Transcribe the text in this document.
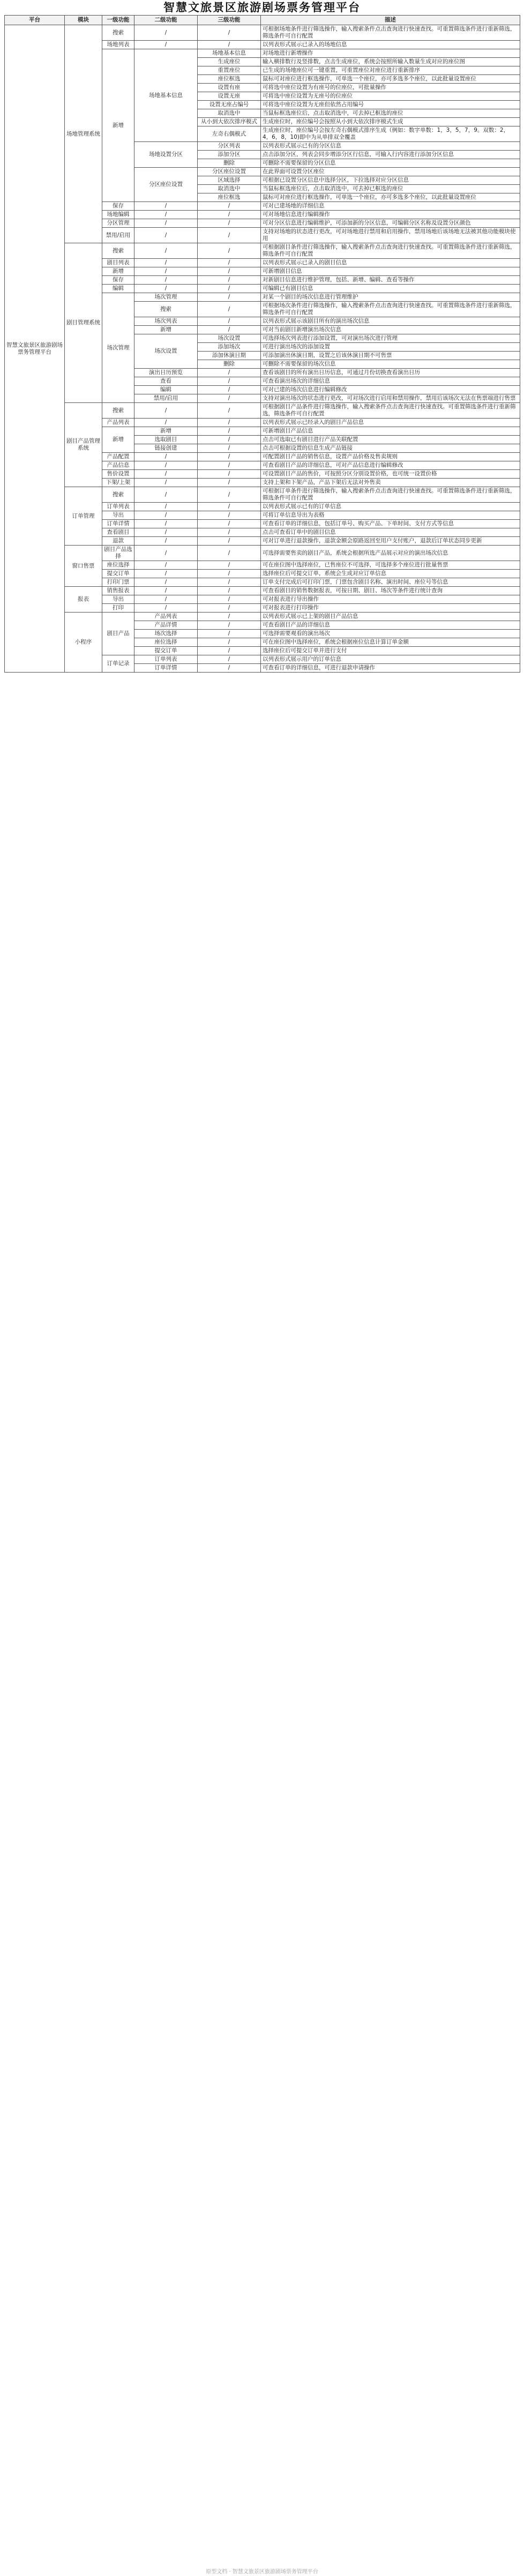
智慧文旅景区旅游剧场票务管理平台
平台	模块	一级功能	二级功能	三级功能	描述
智慧文旅景区旅游剧场票务管理平台	场地管理系统	搜索	/	/	可根据场地条件进行筛选操作，输入搜索条件点击查询进行快速查找。可重置筛选条件进行重新筛选，筛选条件可自行配置
		场地列表	/	/	以列表形式展示已录入的场地信息
		新增	场地基本信息	场地基本信息	对场地进行新增操作
				生成座位	输入横排数行及竖排数，点击生成座位，系统会按照所输入数量生成对应的座位图
				重置座位	已生成的场地座位可一键重置，可重置座位对座位进行重新排序
				座位框选	鼠标可对座位进行框选操作，可单选一个座位，亦可多选多个座位，以此批量设置座位
				设置有座	可将选中座位设置为有座号的位座位，可批量操作
				设置无座	可将选中座位设置为无座号的位座位
				设置无座占编号	可将选中座位设置为无座但依然占用编号
				取消选中	当鼠标框选座位后，点击取消选中，可去掉已框选的座位
				从小到大依次排序模式	生成座位时，座位编号会按照从小到大依次排序模式生成
				左奇右偶模式	生成座位时，座位编号会按左奇右偶模式排序生成（例如：数字单数：1，3，5，7，9。双数：2，4，6，8，10)即中为从单排双全覆盖
			场地设置分区	分区列表	以列表形式展示已有的分区信息
				添加分区	点击添加分区，列表会同步增添分区行信息，可输入行内容进行添加分区信息
				删除	可删除不需要保留的分区信息
			分区座位设置	分区座位设置	在此界面可设置分区座位
				区域选择	可根据已设置分区信息中选择分区，下拉选择对应分区信息
				取消选中	当鼠标框选座位后，点击取消选中，可去掉已框选的座位
				座位框选	鼠标可对座位进行框选操作，可单选一个座位，亦可多选多个座位，以此批量设置座位
		保存	/	/	可对已建场地的详细信息
		场地编辑	/	/	可对场地信息进行编辑操作
		分区管理	/	/	可对分区信息进行编辑维护，可添加新的分区信息，可编辑分区名称及设置分区颜色
		禁用/启用	/	/	支持对场地的状态进行更改，可对场地进行禁用和启用操作，禁用场地后该场地无法被其他功能模块使用
	剧目管理系统	搜索	/	/	可根据剧目条件进行筛选操作，输入搜索条件点击查询进行快速查找。可重置筛选条件进行重新筛选，筛选条件可自行配置
		剧目列表	/	/	以列表形式展示已录入的剧目信息
		新增	/	/	可新增剧目信息
		保存	/	/	对新剧目信息进行维护管理，包括、新增、编辑、查看等操作
		编辑	/	/	可编辑已有剧目信息
		场次管理	场次管理	/	对某一个剧目的场次信息进行管理维护
			搜索	/	可根据场次条件进行筛选操作，输入搜索条件点击查询进行快速查找。可重置筛选条件进行重新筛选，筛选条件可自行配置
			场次列表	/	以列表形式展示该剧目所有的演出场次信息
			新增	/	可对当前剧目新增演出场次信息
			场次设置	场次设置	可选择场次列表进行添加设置，可对演出场次进行管理
				添加场次	可进行演出场次的添加设置
				添加休演日期	可添加演出休演日期，设置之后该休演日期不可售票
				删除	可删除不需要保留的场次信息
			演出日历预览	/	查看该剧目的所有演出日历信息，可通过月份切换查看演出日历
			查看	/	可查看演出场次的详细信息
			编辑	/	可对已建的场次信息进行编辑修改
			禁用/启用	/	支持对演出场次的状态进行更改，可对场次进行启用和禁用操作，禁用后该场次无法在售票端进行售票
	剧目产品管理系统	搜索	/	/	可根据剧目产品条件进行筛选操作，输入搜索条件点击查询进行快速查找。可重置筛选条件进行重新筛选，筛选条件可自行配置
		产品列表	/	/	以列表形式展示已经录入的剧目产品信息
		新增	新增	/	可新增剧目产品信息
			选取剧目	/	点击可选取已有剧目进行产品关联配置
			链接创建	/	点击可根据设置的信息生成产品链接
		产品配置	/	/	可配置剧目产品的销售信息，设置产品价格及售卖规则
		产品信息	/	/	可查看剧目产品的详细信息，可对产品信息进行编辑修改
		售价设置	/	/	可设置剧目产品的售价，可按照分区分别设置价格，也可统一设置价格
		下架/上架	/	/	支持上架和下架产品，产品下架后无法对外售卖
	订单管理	搜索	/	/	可根据订单条件进行筛选操作，输入搜索条件点击查询进行快速查找。可重置筛选条件进行重新筛选，筛选条件可自行配置
		订单列表	/	/	以列表形式展示已有的订单信息
		导出	/	/	可将订单信息导出为表格
		订单详情	/	/	可查看订单的详细信息，包括订单号、购买产品、下单时间、支付方式等信息
		查看剧目	/	/	点击可查看订单中的剧目信息
		退款	/	/	可对订单进行退款操作，退款金额会原路返回至用户支付账户，退款后订单状态同步更新
	窗口售票	剧目产品选择	/	/	可选择需要售卖的剧目产品，系统会根据所选产品展示对应的演出场次信息
		座位选择	/	/	可在座位图中选择座位，已售座位不可选择，可选择多个座位进行批量售票
		提交订单	/	/	选择座位后可提交订单，系统会生成对应订单信息
		打印门票	/	/	订单支付完成后可打印门票，门票包含剧目名称、演出时间、座位号等信息
	报表	销售报表	/	/	可查看剧目的销售数据报表，可按日期、剧目、场次等条件进行统计查询
		导出	/	/	可对报表进行导出操作
		打印	/	/	可对报表进行打印操作
	小程序	剧目产品	产品列表	/	以列表形式展示已上架的剧目产品信息
			产品详情	/	可查看剧目产品的详细信息
			场次选择	/	可选择需要观看的演出场次
			座位选择	/	可在座位图中选择座位，系统会根据座位信息计算订单金额
			提交订单	/	选择座位后可提交订单并进行支付
		订单记录	订单列表	/	以列表形式展示用户的订单信息
			订单详情	/	可查看订单的详细信息，可进行退款申请操作
原型文档 · 智慧文旅景区旅游剧场票务管理平台
